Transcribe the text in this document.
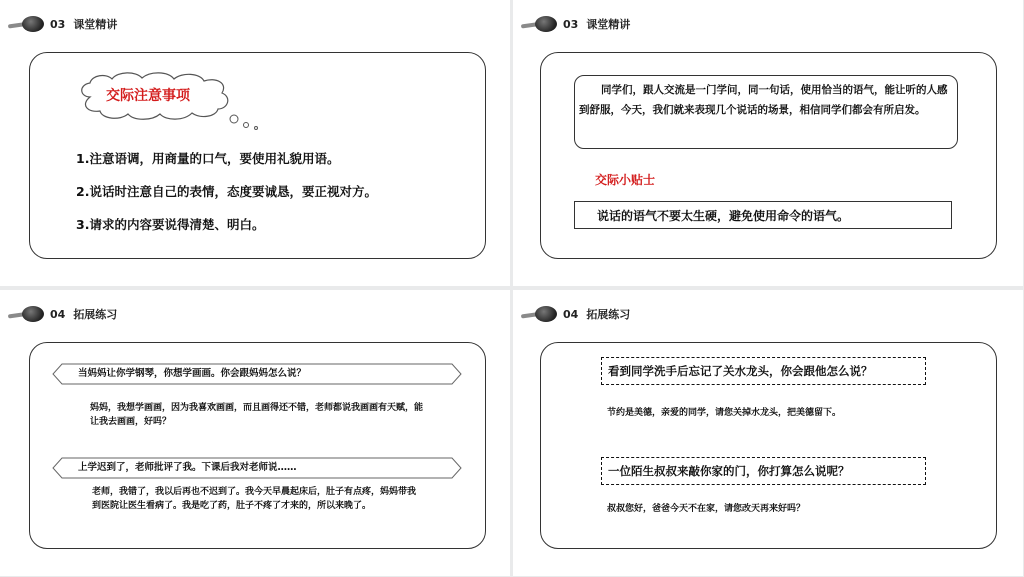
03 课堂精讲
交际注意事项
1.注意语调，用商量的口气，要使用礼貌用语。
2.说话时注意自己的表情，态度要诚恳，要正视对方。
3.请求的内容要说得清楚、明白。
03 课堂精讲
同学们，跟人交流是一门学问，同一句话，使用恰当的语气，能让听的人感到舒服，今天，我们就来表现几个说话的场景，相信同学们都会有所启发。
交际小贴士
说话的语气不要太生硬，避免使用命令的语气。
04 拓展练习
当妈妈让你学钢琴，你想学画画。你会跟妈妈怎么说？
妈妈，我想学画画，因为我喜欢画画，而且画得还不错，老师都说我画画有天赋，能让我去画画，好吗？
上学迟到了，老师批评了我。下课后我对老师说……
老师，我错了，我以后再也不迟到了。我今天早晨起床后，肚子有点疼，妈妈带我到医院让医生看病了。我是吃了药，肚子不疼了才来的，所以来晚了。
04 拓展练习
看到同学洗手后忘记了关水龙头，你会跟他怎么说？
节约是美德，亲爱的同学，请您关掉水龙头，把美德留下。
一位陌生叔叔来敲你家的门，你打算怎么说呢？
叔叔您好，爸爸今天不在家，请您改天再来好吗？
